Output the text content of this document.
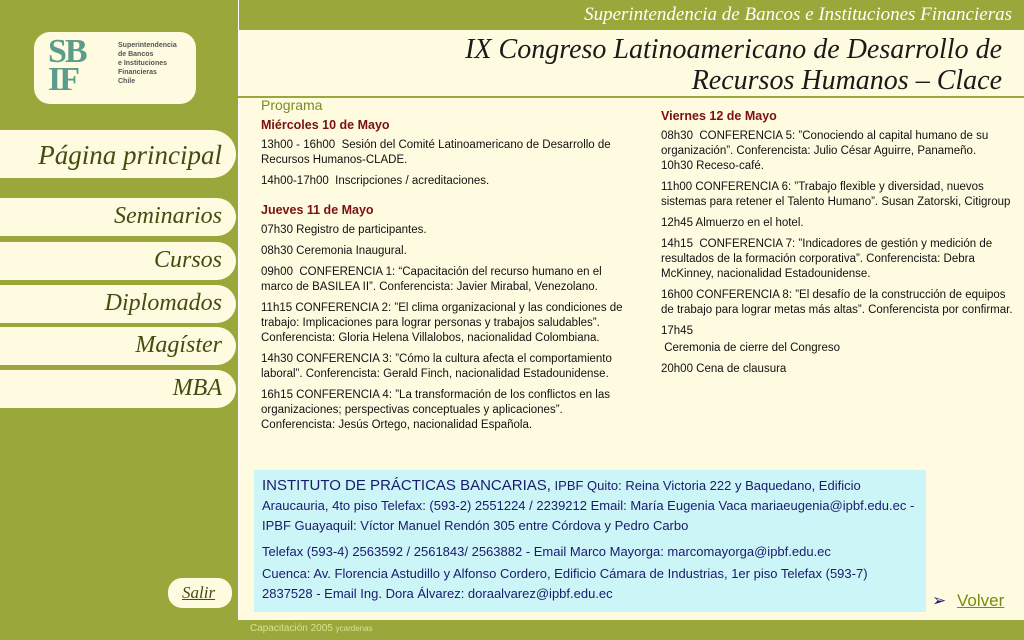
Superintendencia de Bancos e Instituciones Financieras
SB
IF
Superintendencia
de Bancos
e Instituciones
Financieras
Chile
Página principal
Seminarios
Cursos
Diplomados
Magíster
MBA
Salir
Capacitación 2005 ycardenas
IX Congreso Latinoamericano de Desarrollo de
Recursos Humanos – Clace
Programa
Miércoles 10 de Mayo

13h00 - 16h00  Sesión del Comité Latinoamericano de Desarrollo de Recursos Humanos-CLADE.

14h00-17h00  Inscripciones / acreditaciones.

Jueves 11 de Mayo

07h30 Registro de participantes.

08h30 Ceremonia Inaugural.

09h00  CONFERENCIA 1: “Capacitación del recurso humano en el marco de BASILEA II”. Conferencista: Javier Mirabal, Venezolano.

11h15 CONFERENCIA 2: ”El clima organizacional y las condiciones de trabajo: Implicaciones para lograr personas y trabajos saludables”. Conferencista: Gloria Helena Villalobos, nacionalidad Colombiana.

14h30 CONFERENCIA 3: ”Cómo la cultura afecta el comportamiento laboral”. Conferencista: Gerald Finch, nacionalidad Estadounidense.

16h15 CONFERENCIA 4: ”La transformación de los conflictos en las organizaciones; perspectivas conceptuales y aplicaciones”. Conferencista: Jesús Ortego, nacionalidad Española.

Viernes 12 de Mayo

08h30  CONFERENCIA 5: ”Conociendo al capital humano de su organización”. Conferencista: Julio César Aguirre, Panameño.
10h30 Receso-café.

11h00 CONFERENCIA 6: ”Trabajo flexible y diversidad, nuevos sistemas para retener el Talento Humano”. Susan Zatorski, Citigroup

12h45 Almuerzo en el hotel.

14h15  CONFERENCIA 7: ”Indicadores de gestión y medición de resultados de la formación corporativa”. Conferencista: Debra McKinney, nacionalidad Estadounidense.

16h00 CONFERENCIA 8: ”El desafío de la construcción de equipos de trabajo para lograr metas más altas”. Conferencista por confirmar.

17h45

Ceremonia de cierre del Congreso

20h00 Cena de clausura

INSTITUTO DE PRÁCTICAS BANCARIAS, IPBF Quito: Reina Victoria 222 y Baquedano, Edificio Araucauria, 4to piso Telefax: (593-2) 2551224 / 2239212 Email: María Eugenia Vaca mariaeugenia@ipbf.edu.ec - IPBF Guayaquil: Víctor Manuel Rendón 305 entre Córdova y Pedro Carbo

Telefax (593-4) 2563592 / 2561843/ 2563882 - Email Marco Mayorga: marcomayorga@ipbf.edu.ec

Cuenca: Av. Florencia Astudillo y Alfonso Cordero, Edificio Cámara de Industrias, 1er piso Telefax (593-7) 2837528 - Email Ing. Dora Álvarez: doraalvarez@ipbf.edu.ec	➢ Volver
